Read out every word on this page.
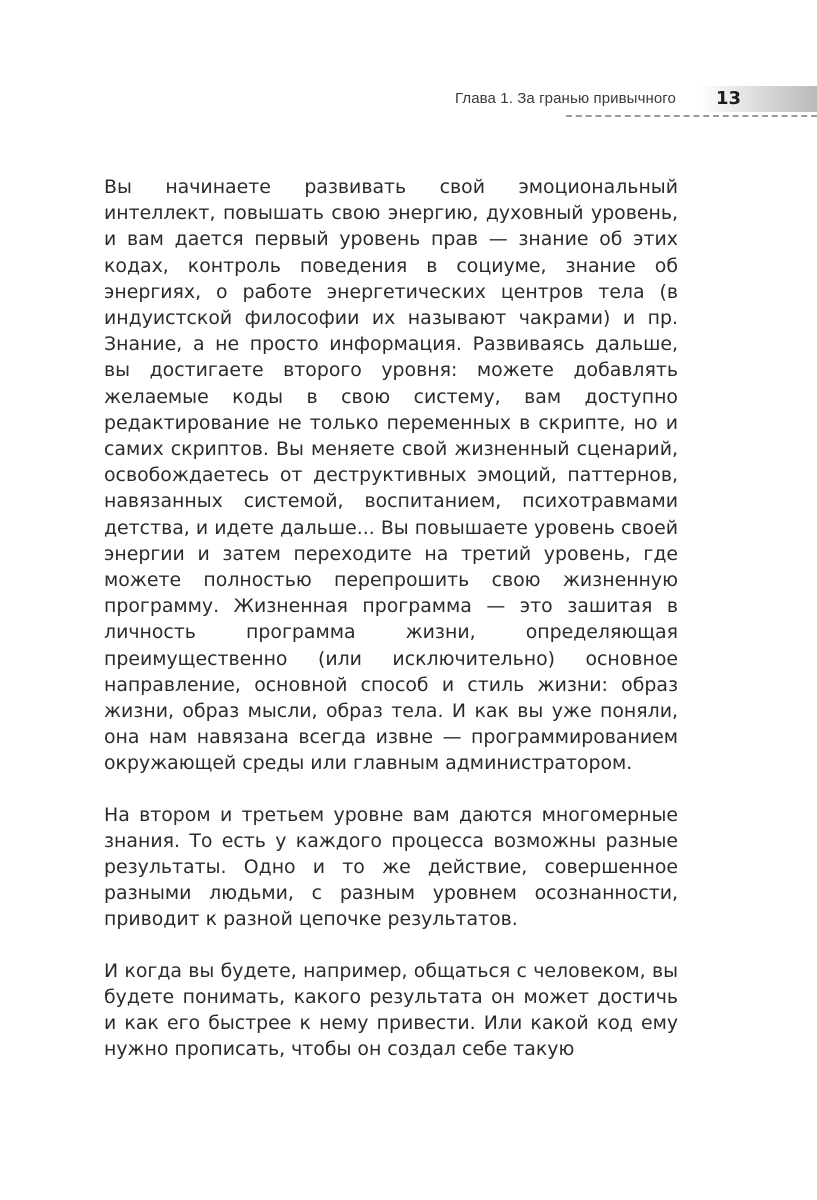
Глава 1. За гранью привычного 13

Вы начинаете развивать свой эмоциональный интеллект, повышать свою энергию, духовный уровень, и вам дается первый уровень прав — знание об этих кодах, контроль поведения в социуме, знание об энергиях, о работе энергетических центров тела (в индуистской философии их называют чакрами) и пр. Знание, а не просто информация. Развиваясь дальше, вы достигаете второго уровня: можете добавлять желаемые коды в свою систему, вам доступно редактирование не только переменных в скрипте, но и самих скриптов. Вы меняете свой жизненный сценарий, освобождаетесь от деструктивных эмоций, паттернов, навязанных системой, воспитанием, психотравмами детства, и идете дальше... Вы повышаете уровень своей энергии и затем переходите на третий уровень, где можете полностью перепрошить свою жизненную программу. Жизненная программа — это зашитая в личность программа жизни, определяющая преимущественно (или исключительно) основное направление, основной способ и стиль жизни: образ жизни, образ мысли, образ тела. И как вы уже поняли, она нам навязана всегда извне — программированием окружающей среды или главным администратором.

На втором и третьем уровне вам даются многомерные знания. То есть у каждого процесса возможны разные результаты. Одно и то же действие, совершенное разными людьми, с разным уровнем осознанности, приводит к разной цепочке результатов.

И когда вы будете, например, общаться с человеком, вы будете понимать, какого результата он может достичь и как его быстрее к нему привести. Или какой код ему нужно прописать, чтобы он создал себе такую
